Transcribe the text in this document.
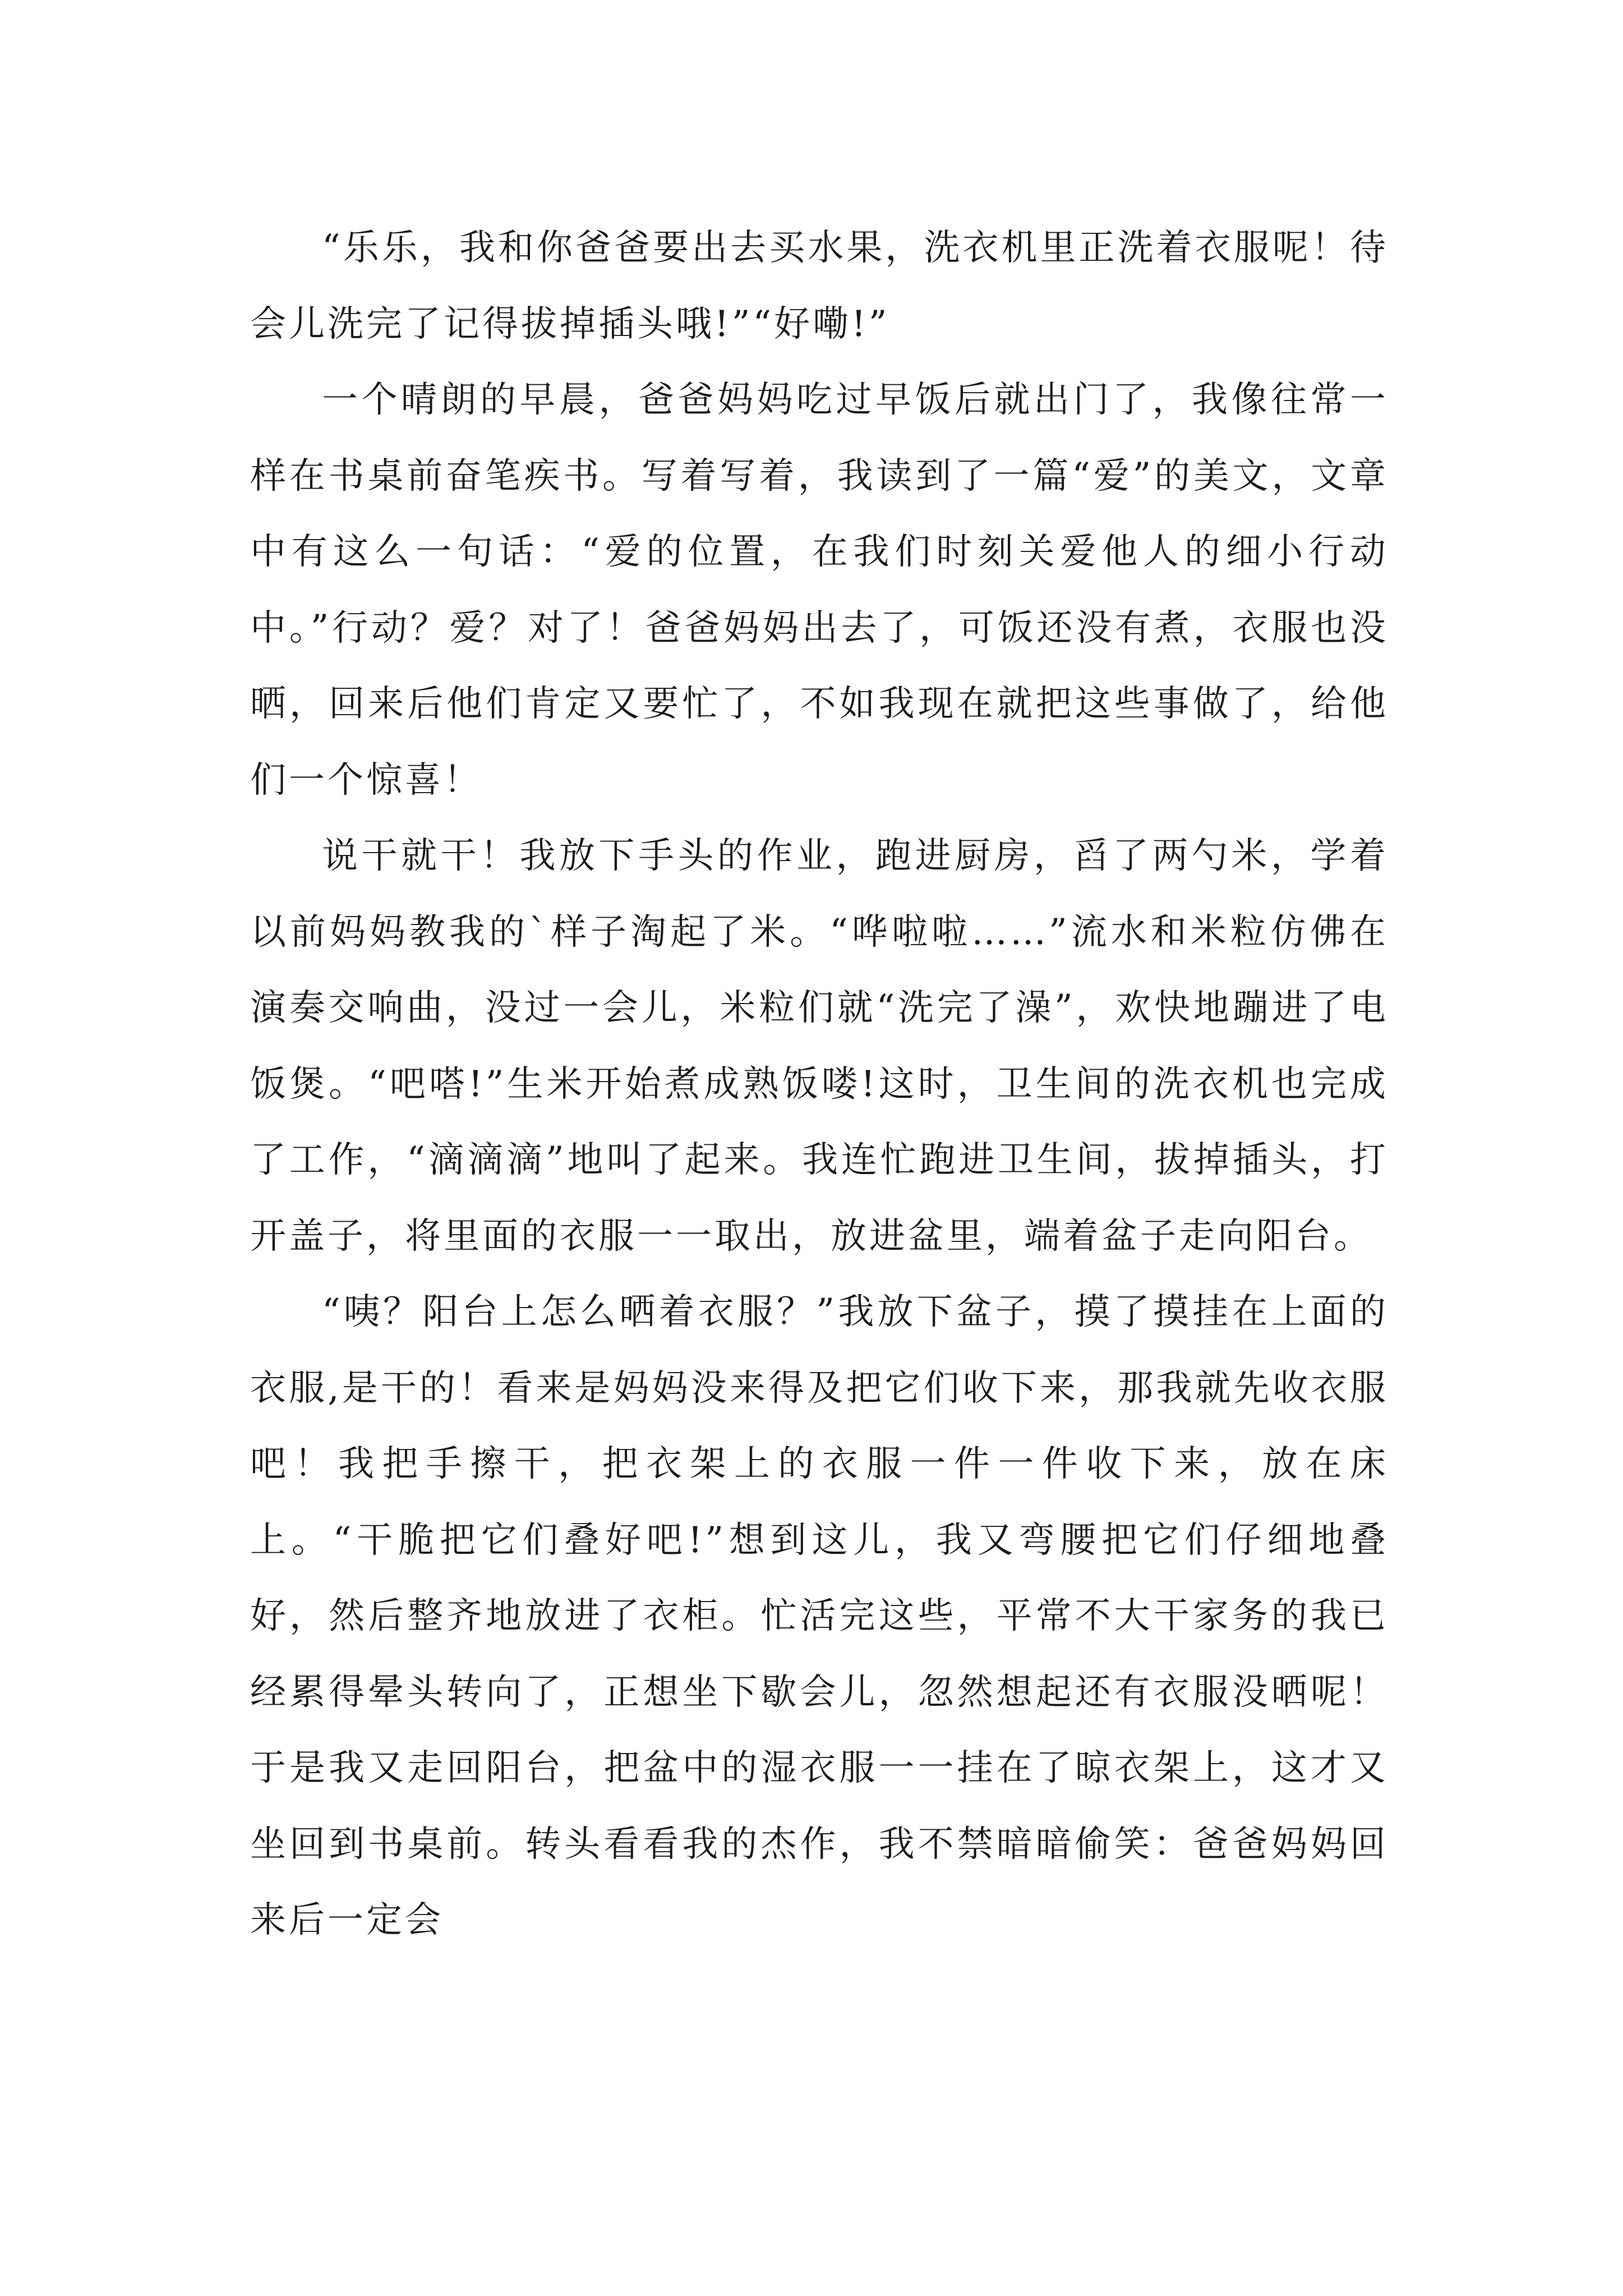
“乐乐，我和你爸爸要出去买水果，洗衣机里正洗着衣服呢！待会儿洗完了记得拔掉插头哦!”“好嘞!”

一个晴朗的早晨，爸爸妈妈吃过早饭后就出门了，我像往常一样在书桌前奋笔疾书。写着写着，我读到了一篇“爱”的美文，文章中有这么一句话：“爱的位置，在我们时刻关爱他人的细小行动中。”行动？爱？对了！爸爸妈妈出去了，可饭还没有煮，衣服也没晒，回来后他们肯定又要忙了，不如我现在就把这些事做了，给他们一个惊喜！

说干就干！我放下手头的作业，跑进厨房，舀了两勺米，学着以前妈妈教我的`样子淘起了米。“哗啦啦……”流水和米粒仿佛在演奏交响曲，没过一会儿，米粒们就“洗完了澡”，欢快地蹦进了电饭煲。“吧嗒!”生米开始煮成熟饭喽!这时，卫生间的洗衣机也完成了工作，“滴滴滴”地叫了起来。我连忙跑进卫生间，拔掉插头，打开盖子，将里面的衣服一一取出，放进盆里，端着盆子走向阳台。

“咦？阳台上怎么晒着衣服？”我放下盆子，摸了摸挂在上面的衣服,是干的！看来是妈妈没来得及把它们收下来，那我就先收衣服吧！我把手擦干，把衣架上的衣服一件一件收下来，放在床上。“干脆把它们叠好吧!”想到这儿，我又弯腰把它们仔细地叠好，然后整齐地放进了衣柜。忙活完这些，平常不大干家务的我已经累得晕头转向了，正想坐下歇会儿，忽然想起还有衣服没晒呢！于是我又走回阳台，把盆中的湿衣服一一挂在了晾衣架上，这才又坐回到书桌前。转头看看我的杰作，我不禁暗暗偷笑：爸爸妈妈回来后一定会
